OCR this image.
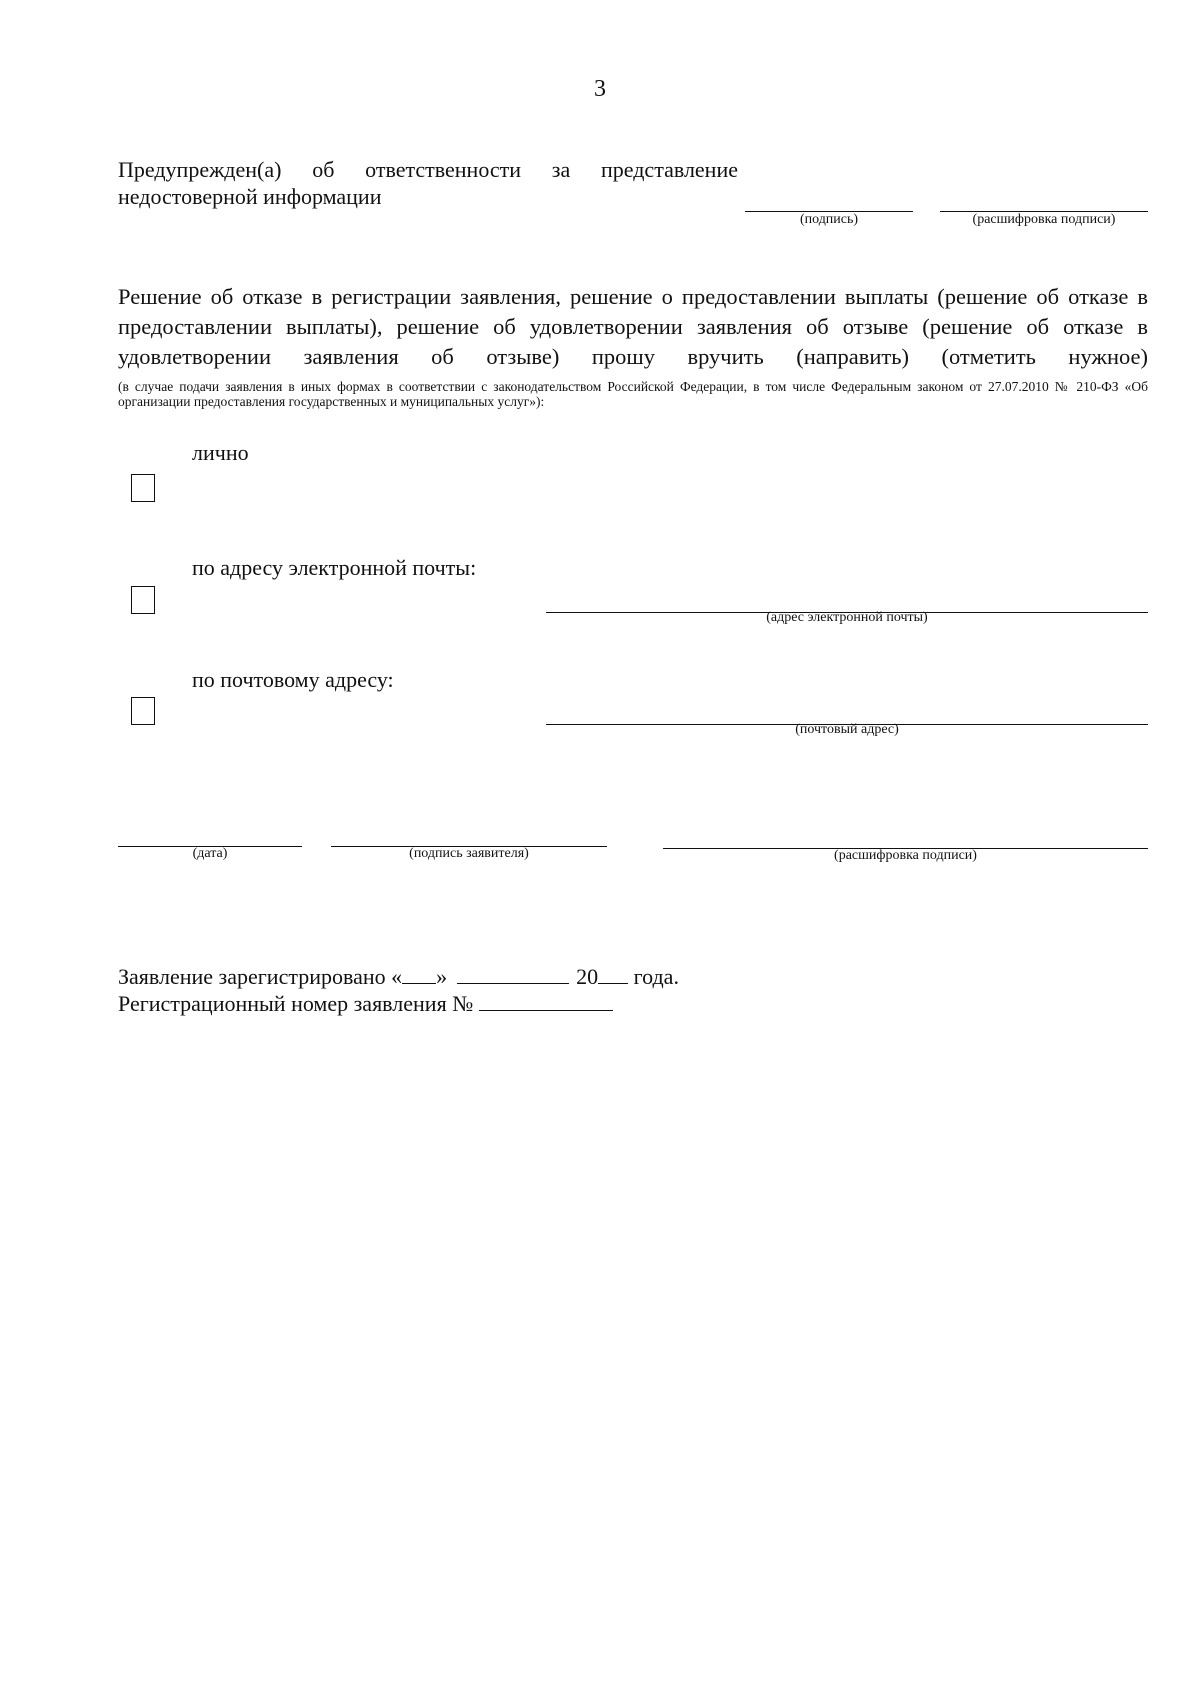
3
Предупрежден(а) об ответственности за представление недостоверной информации
(подпись)	(расшифровка подписи)
Решение об отказе в регистрации заявления, решение о предоставлении выплаты (решение об отказе в предоставлении выплаты), решение об удовлетворении заявления об отзыве (решение об отказе в удовлетворении заявления об отзыве) прошу вручить (направить) (отметить нужное)
(в случае подачи заявления в иных формах в соответствии с законодательством Российской Федерации, в том числе Федеральным законом от 27.07.2010 № 210-ФЗ «Об организации предоставления государственных и муниципальных услуг»):
лично
по адресу электронной почты:
(адрес электронной почты)
по почтовому адресу:
(почтовый адрес)
(дата)	(подпись заявителя)	(расшифровка подписи)
Заявление зарегистрировано « »	20 года.
Регистрационный номер заявления №
